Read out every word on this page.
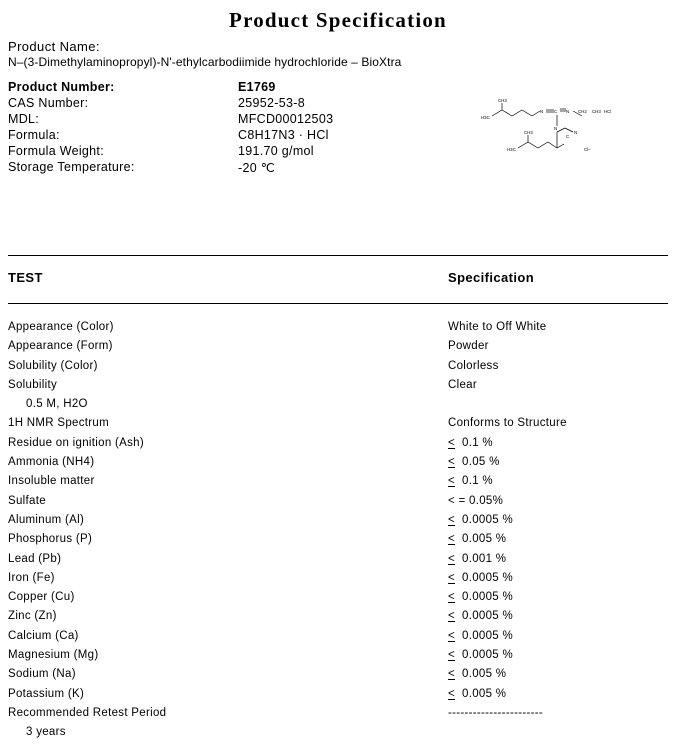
Product Specification
Product Name:
N–(3-Dimethylaminopropyl)-N'-ethylcarbodiimide hydrochloride – BioXtra
Product Number:	E1769
CAS Number:	25952-53-8
MDL:	MFCD00012503
Formula:	C8H17N3 · HCl
Formula Weight:	191.70 g/mol
Storage Temperature:	-20 ℃
CH3
H3C
N C N CH2 CH3 HCl
CH3
H3C
N
C
N
Cl–
TEST	Specification
Appearance (Color)	White to Off White
Appearance (Form)	Powder
Solubility (Color)	Colorless
Solubility	Clear
0.5 M, H2O
1H NMR Spectrum	Conforms to Structure
Residue on ignition (Ash)	≤ 0.1 %
Ammonia (NH4)	≤ 0.05 %
Insoluble matter	≤ 0.1 %
Sulfate	< = 0.05%
Aluminum (Al)	≤ 0.0005 %
Phosphorus (P)	≤ 0.005 %
Lead (Pb)	≤ 0.001 %
Iron (Fe)	≤ 0.0005 %
Copper (Cu)	≤ 0.0005 %
Zinc (Zn)	≤ 0.0005 %
Calcium (Ca)	≤ 0.0005 %
Magnesium (Mg)	≤ 0.0005 %
Sodium (Na)	≤ 0.005 %
Potassium (K)	≤ 0.005 %
Recommended Retest Period	-----------------------
3 years
